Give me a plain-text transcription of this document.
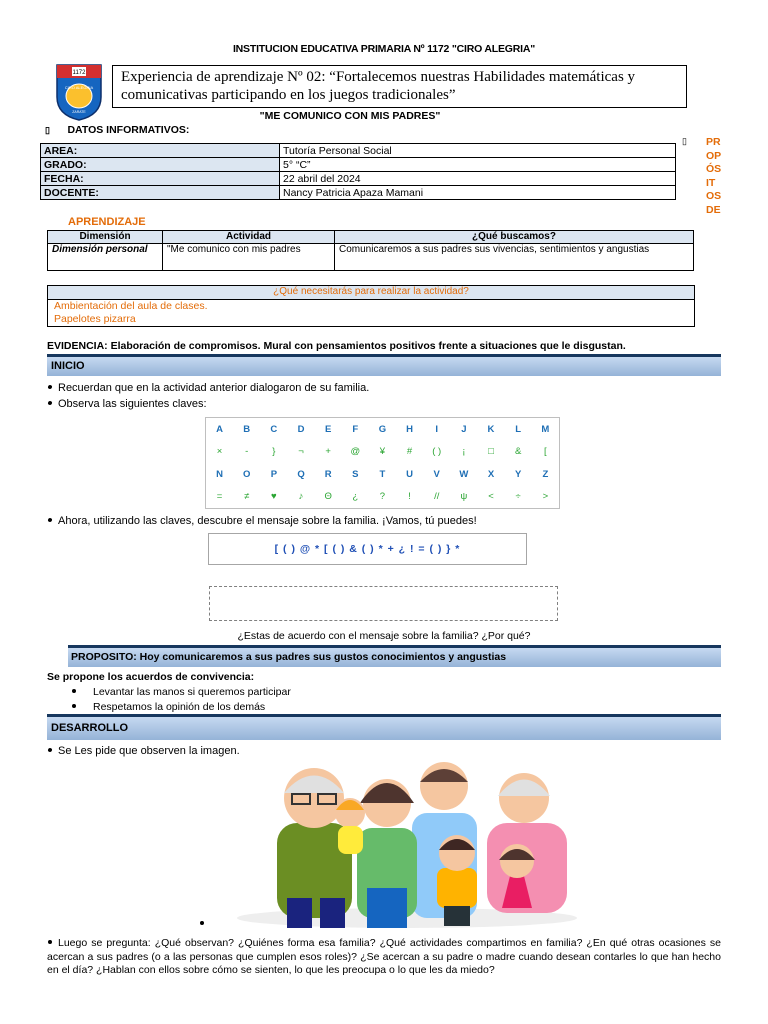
INSTITUCION EDUCATIVA PRIMARIA Nº 1172 "CIRO ALEGRIA"
1172
CIRO ALEGRIA
ZARATE
Experiencia de aprendizaje Nº 02: “Fortalecemos nuestras Habilidades matemáticas y comunicativas participando en los juegos tradicionales”
"ME COMUNICO CON MIS PADRES"
▯ DATOS INFORMATIVOS:
AREA:	Tutoría Personal Social
GRADO:	5° “C”
FECHA:	22 abril del 2024
DOCENTE:	Nancy Patricia Apaza Mamani
▯ PR
OP
ÓS
IT
OS
DE
APRENDIZAJE
Dimensión	Actividad	¿Qué buscamos?
Dimensión personal	"Me comunico con mis padres	Comunicaremos a sus padres sus vivencias, sentimientos y angustias
¿Qué necesitarás para realizar la actividad?
Ambientación del aula de clases.
Papelotes pizarra
EVIDENCIA: Elaboración de compromisos. Mural con pensamientos positivos frente a situaciones que le disgustan.
INICIO
Recuerdan que en la actividad anterior dialogaron de su familia.
Observa las siguientes claves:
A	B	C	D	E	F	G	H	I	J	K	L	M
×	-	}	¬	+	@	¥	#	( )	¡	□	&	[
N	O	P	Q	R	S	T	U	V	W	X	Y	Z
=	≠	♥	♪	Θ	¿	?	!	//	ψ	<	÷	>
Ahora, utilizando las claves, descubre el mensaje sobre la familia. ¡Vamos, tú puedes!
[ ( ) @ * [ ( ) & ( ) * + ¿ ! = ( ) } *
¿Estas de acuerdo con el mensaje sobre la familia? ¿Por qué?
PROPOSITO: Hoy comunicaremos a sus padres sus gustos conocimientos y angustias
Se propone los acuerdos de convivencia:
Levantar las manos si queremos participar
Respetamos la opinión de los demás
DESARROLLO
Se Les pide que observen la imagen.
Luego se pregunta: ¿Qué observan? ¿Quiénes forma esa familia? ¿Qué actividades compartimos en familia? ¿En qué otras ocasiones se acercan a sus padres (o a las personas que cumplen esos roles)? ¿Se acercan a su padre o madre cuando desean contarles lo que han hecho en el día? ¿Hablan con ellos sobre cómo se sienten, lo que les preocupa o lo que les da miedo?
